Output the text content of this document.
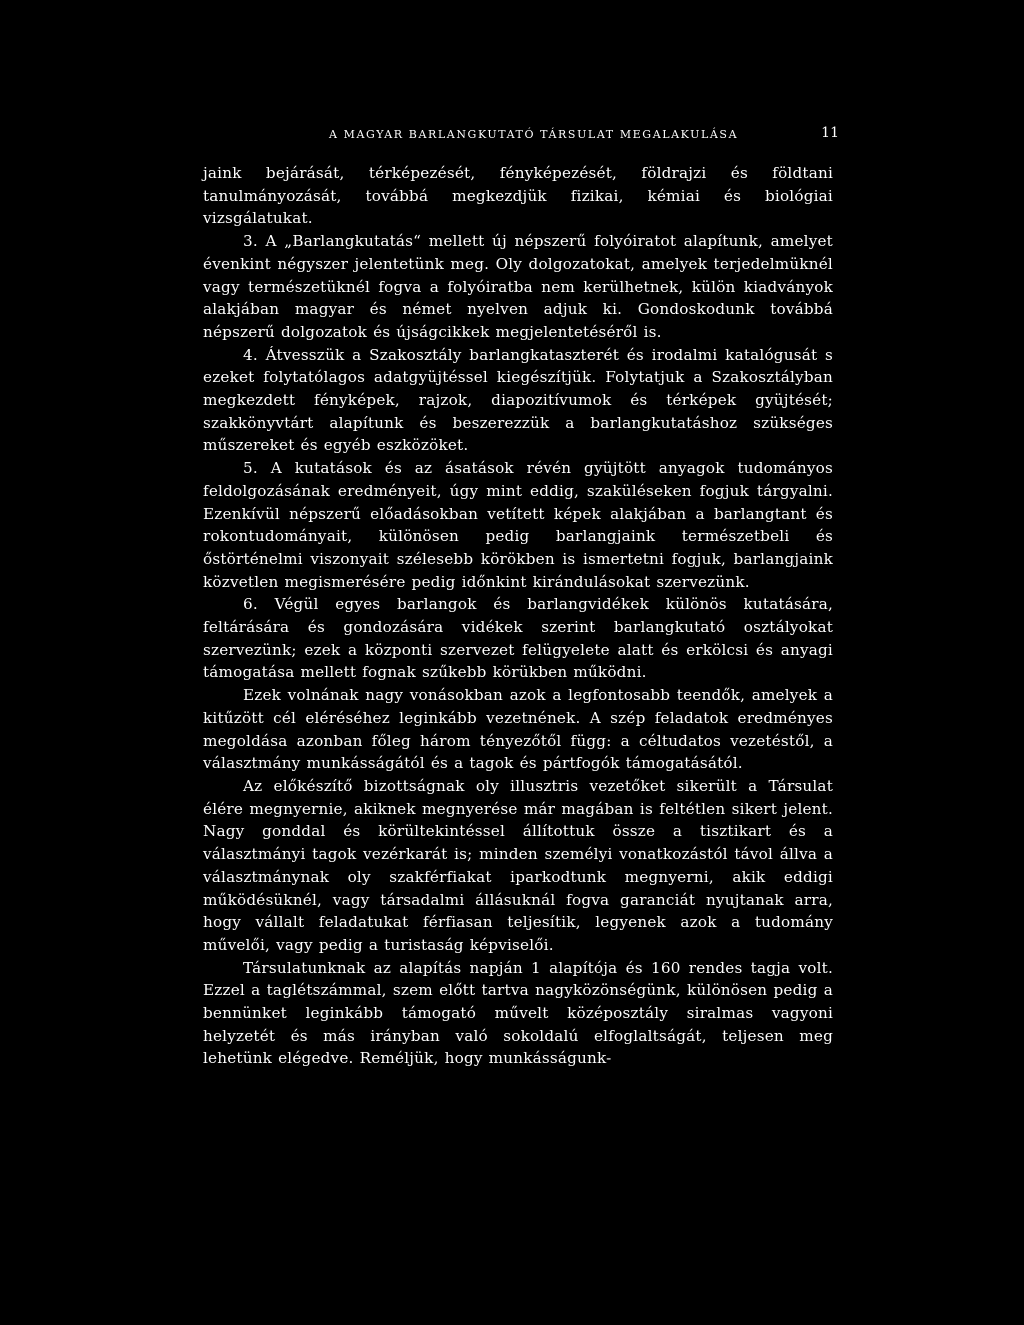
A MAGYAR BARLANGKUTATÓ TÁRSULAT MEGALAKULÁSA	11

jaink bejárását, térképezését, fényképezését, földrajzi és földtani tanulmányozását, továbbá megkezdjük fizikai, kémiai és biológiai vizsgálatukat.

3. A „Barlangkutatás“ mellett új népszerű folyóiratot alapítunk, amelyet évenkint négyszer jelentetünk meg. Oly dolgozatokat, amelyek terjedelmüknél vagy természetüknél fogva a folyóiratba nem kerülhetnek, külön kiadványok alakjában magyar és német nyelven adjuk ki. Gondoskodunk továbbá népszerű dolgozatok és újságcikkek megjelentetéséről is.

4. Átvesszük a Szakosztály barlangkataszterét és irodalmi katalógusát s ezeket folytatólagos adatgyüjtéssel kiegészítjük. Folytatjuk a Szakosztályban megkezdett fényképek, rajzok, diapozitívumok és térképek gyüjtését; szakkönyvtárt alapítunk és beszerezzük a barlangkutatáshoz szükséges műszereket és egyéb eszközöket.

5. A kutatások és az ásatások révén gyüjtött anyagok tudományos feldolgozásának eredményeit, úgy mint eddig, szaküléseken fogjuk tárgyalni. Ezenkívül népszerű előadásokban vetített képek alakjában a barlangtant és rokontudományait, különösen pedig barlangjaink természetbeli és őstörténelmi viszonyait szélesebb körökben is ismertetni fogjuk, barlangjaink közvetlen megismerésére pedig időnkint kirándulásokat szervezünk.

6. Végül egyes barlangok és barlangvidékek különös kutatására, feltárására és gondozására vidékek szerint barlangkutató osztályokat szervezünk; ezek a központi szervezet felügyelete alatt és erkölcsi és anyagi támogatása mellett fognak szűkebb körükben működni.

Ezek volnának nagy vonásokban azok a legfontosabb teendők, amelyek a kitűzött cél eléréséhez leginkább vezetnének. A szép feladatok eredményes megoldása azonban főleg három tényezőtől függ: a céltudatos vezetéstől, a választmány munkásságától és a tagok és pártfogók támogatásától.

Az előkészítő bizottságnak oly illusztris vezetőket sikerült a Társulat élére megnyernie, akiknek megnyerése már magában is feltétlen sikert jelent. Nagy gonddal és körültekintéssel állítottuk össze a tisztikart és a választmányi tagok vezérkarát is; minden személyi vonatkozástól távol állva a választmánynak oly szakférfiakat iparkodtunk megnyerni, akik eddigi működésüknél, vagy társadalmi állásuknál fogva garanciát nyujtanak arra, hogy vállalt feladatukat férfiasan teljesítik, legyenek azok a tudomány művelői, vagy pedig a turistaság képviselői.

Társulatunknak az alapítás napján 1 alapítója és 160 rendes tagja volt. Ezzel a taglétszámmal, szem előtt tartva nagyközönségünk, különösen pedig a bennünket leginkább támogató művelt középosztály siralmas vagyoni helyzetét és más irányban való sokoldalú elfoglaltságát, teljesen meg lehetünk elégedve. Reméljük, hogy munkásságunk-
